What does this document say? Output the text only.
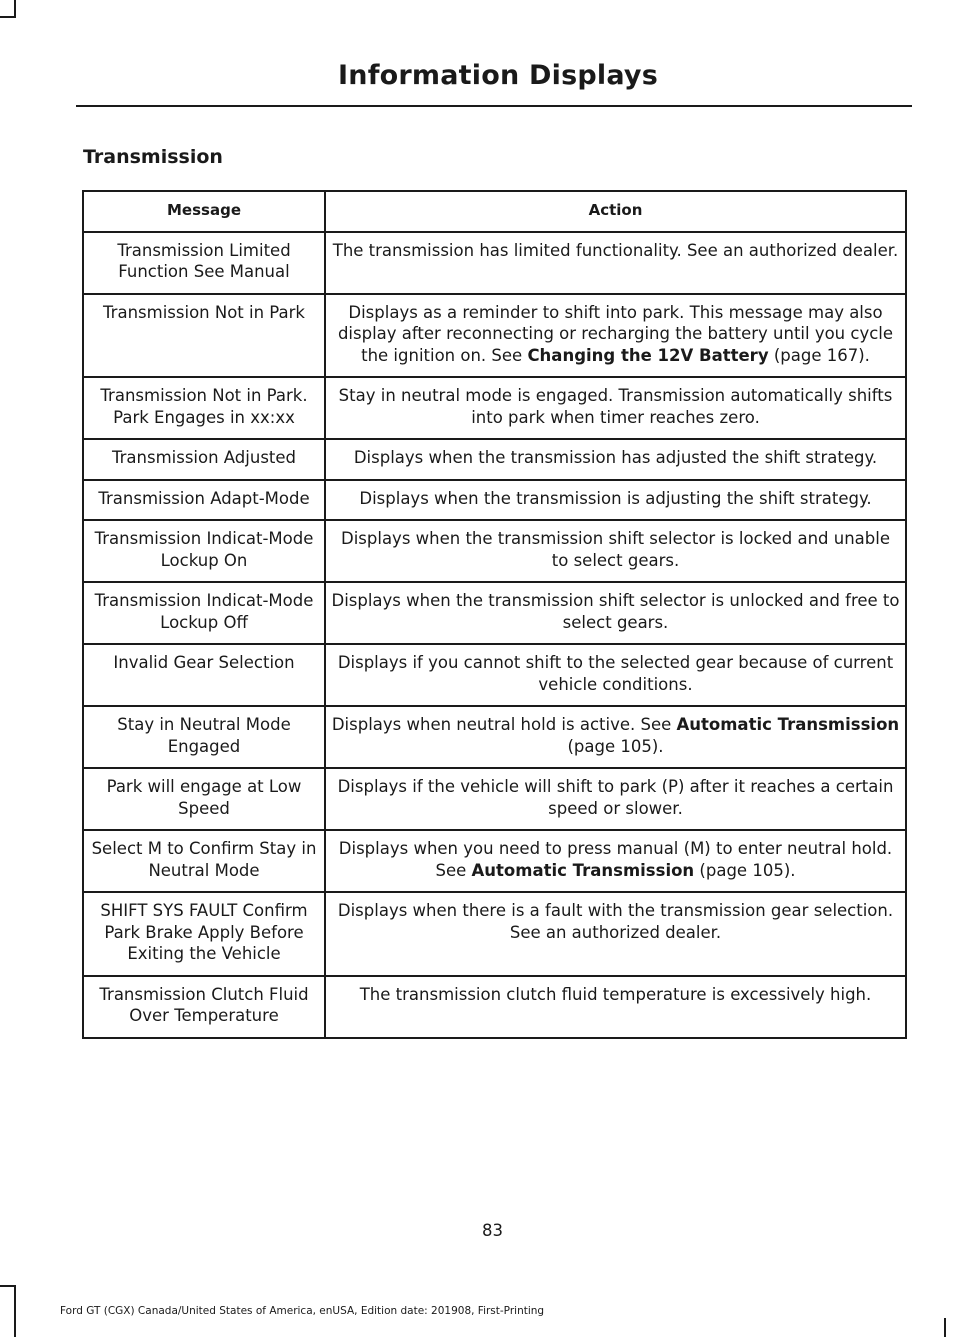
Information Displays
Transmission
Message	Action
Transmission Limited Function See Manual	The transmission has limited functionality. See an authorized dealer.
Transmission Not in Park	Displays as a reminder to shift into park. This message may also display after reconnecting or recharging the battery until you cycle the ignition on. See Changing the 12V Battery (page 167).
Transmission Not in Park. Park Engages in xx:xx	Stay in neutral mode is engaged. Transmission automatically shifts into park when timer reaches zero.
Transmission Adjusted	Displays when the transmission has adjusted the shift strategy.
Transmission Adapt-Mode	Displays when the transmission is adjusting the shift strategy.
Transmission Indicat-Mode Lockup On	Displays when the transmission shift selector is locked and unable to select gears.
Transmission Indicat-Mode Lockup Off	Displays when the transmission shift selector is unlocked and free to select gears.
Invalid Gear Selection	Displays if you cannot shift to the selected gear because of current vehicle conditions.
Stay in Neutral Mode Engaged	Displays when neutral hold is active. See Automatic Transmission (page 105).
Park will engage at Low Speed	Displays if the vehicle will shift to park (P) after it reaches a certain speed or slower.
Select M to Confirm Stay in Neutral Mode	Displays when you need to press manual (M) to enter neutral hold. See Automatic Transmission (page 105).
SHIFT SYS FAULT Confirm Park Brake Apply Before Exiting the Vehicle	Displays when there is a fault with the transmission gear selection. See an authorized dealer.
Transmission Clutch Fluid Over Temperature	The transmission clutch fluid temperature is excessively high.
83
Ford GT (CGX) Canada/United States of America, enUSA, Edition date: 201908, First-Printing
